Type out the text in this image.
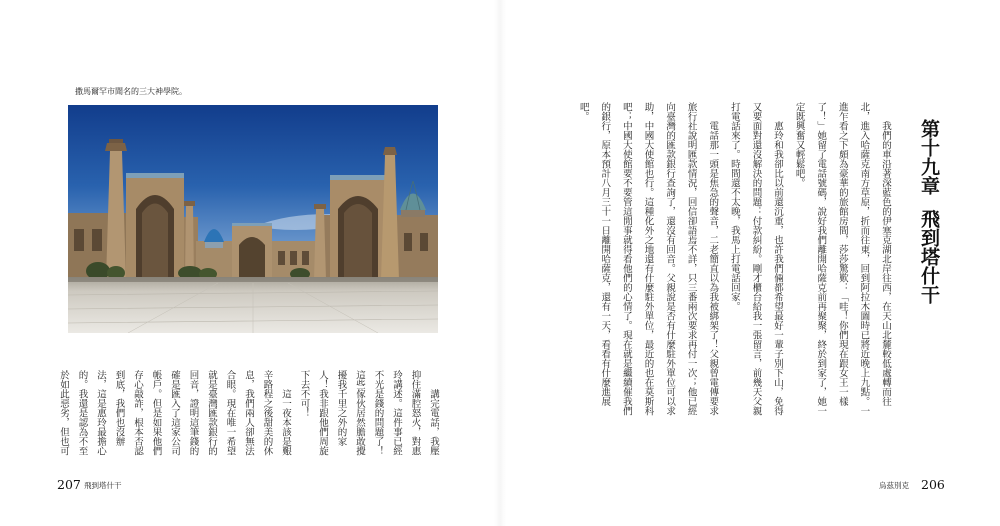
撒馬爾罕市聞名的三大神學院。
講完電話，我壓
抑住滿腔怒火，對惠
玲講述。這件事已經
不光是錢的問題了！
這些傢伙居然膽敢攪
擾我千里之外的家
人！我非跟他們周旋
下去不可！
這一夜本該是艱
辛路程之後甜美的休
息，我們兩人卻無法
合眼。現在唯一希望
就是臺灣匯款銀行的
回音，證明這筆錢的
確是匯入了這家公司
帳戶。但是如果他們
存心敲詐，根本否認
到底，我們也沒辦
法，這是惠玲最擔心
的。我還是認為不至
於如此惡劣，但也可
207 飛到塔什干
第十九章飛到塔什干
我們的車沿著深藍色的伊塞克湖北岸往西，在天山北麓較低處轉而往
北，進入哈薩克南方草原，折而往東，回到阿拉木圖時已將近晚上九點。一
進乍看之下頗為豪華的旅館房間，莎莎驚歎：「哇！你們現在跟女王一樣
了！」她留了電話號碼，說好我們離開哈薩克前再聚聚，終於到家了，她一
定既興奮又輕鬆吧。
惠玲和我卻比以前還沉重，也許我們倆都希望最好一輩子別下山，免得
又要面對還沒解決的問題：付款糾紛。剛才櫃台給我一張留言，前幾天父親
打電話來了。時間還不太晚，我馬上打電話回家。
電話那一頭是焦急的聲音，二老簡直以為我被綁架了！父親曾電傳要求
旅行社說明匯款情況，回信卻語焉不詳，只三番兩次要求再付一次；他已經
向臺灣的匯款銀行查詢了，還沒有回音。父親說是否有什麼駐外單位可以求
助，中國大使館也行。這種化外之地還有什麼駐外單位，最近的也在莫斯科
吧；中國大使館要不要管這閒事就得看他們的心情了。現在就是繼續催我們
的銀行，原本預計八月三十一日離開哈薩克，還有一天，看看有什麼進展
吧。
烏茲別克 206
